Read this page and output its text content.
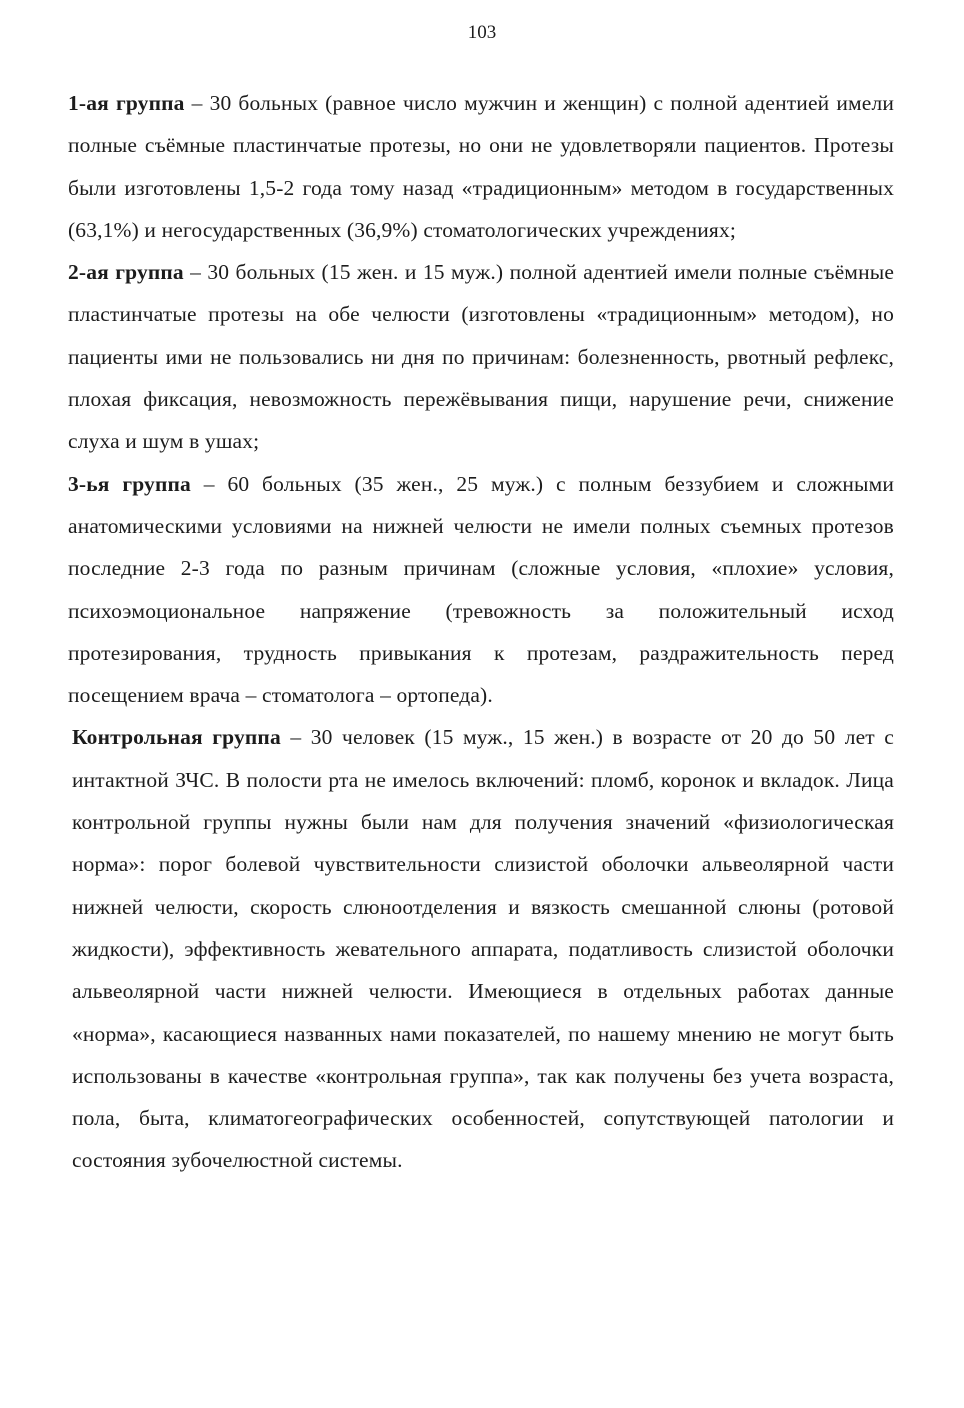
103

1-ая группа – 30 больных (равное число мужчин и женщин) с полной адентией имели полные съёмные пластинчатые протезы, но они не удовлетворяли пациентов. Протезы были изготовлены 1,5-2 года тому назад «традиционным» методом в государственных (63,1%) и негосударственных (36,9%) стоматологических учреждениях;

2-ая группа – 30 больных (15 жен. и 15 муж.) полной адентией имели полные съёмные пластинчатые протезы на обе челюсти (изготовлены «традиционным» методом), но пациенты ими не пользовались ни дня по причинам: болезненность, рвотный рефлекс, плохая фиксация, невозможность пережёвывания пищи, нарушение речи, снижение слуха и шум в ушах;

3-ья группа – 60 больных (35 жен., 25 муж.) с полным беззубием и сложными анатомическими условиями на нижней челюсти не имели полных съемных протезов последние 2-3 года по разным причинам (сложные условия, «плохие» условия, психоэмоциональное напряжение (тревожность за положительный исход протезирования, трудность привыкания к протезам, раздражительность перед посещением врача – стоматолога – ортопеда).

Контрольная группа – 30 человек (15 муж., 15 жен.) в возрасте от 20 до 50 лет с интактной ЗЧС. В полости рта не имелось включений: пломб, коронок и вкладок. Лица контрольной группы нужны были нам для получения значений «физиологическая норма»: порог болевой чувствительности слизистой оболочки альвеолярной части нижней челюсти, скорость слюноотделения и вязкость смешанной слюны (ротовой жидкости), эффективность жевательного аппарата, податливость слизистой оболочки альвеолярной части нижней челюсти. Имеющиеся в отдельных работах данные «норма», касающиеся названных нами показателей, по нашему мнению не могут быть использованы в качестве «контрольная группа», так как получены без учета возраста, пола, быта, климатогеографических особенностей, сопутствующей патологии и состояния зубочелюстной системы.
